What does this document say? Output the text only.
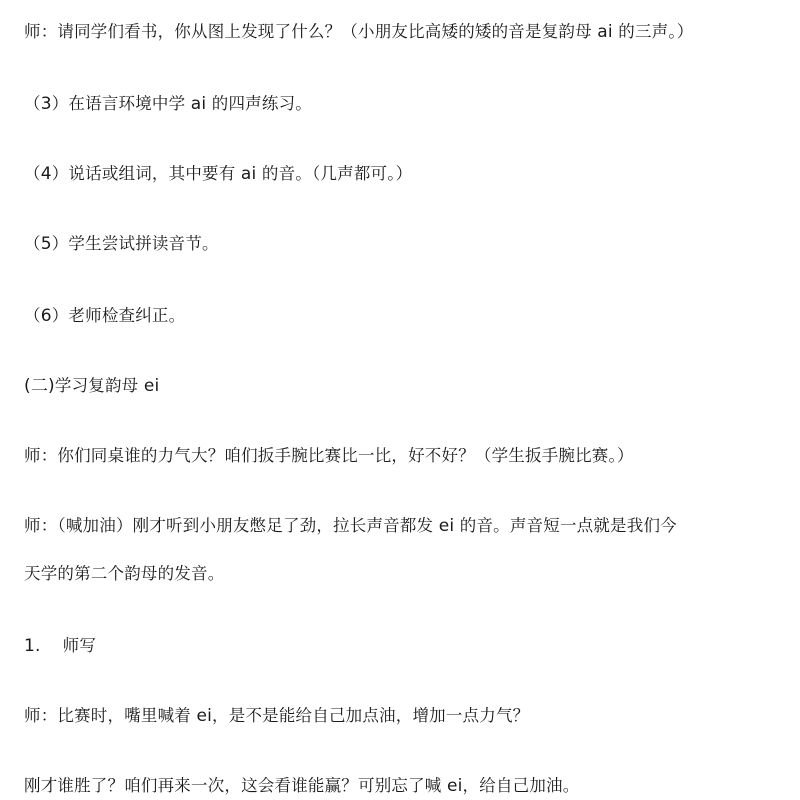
师：请同学们看书，你从图上发现了什么？（小朋友比高矮的矮的音是复韵母 ai 的三声。）
（3）在语言环境中学 ai 的四声练习。
（4）说话或组词，其中要有 ai 的音。（几声都可。）
（5）学生尝试拼读音节。
（6）老师检查纠正。
(二)学习复韵母 ei
师：你们同桌谁的力气大？咱们扳手腕比赛比一比，好不好？（学生扳手腕比赛。）
师：（喊加油）刚才听到小朋友憋足了劲，拉长声音都发 ei 的音。声音短一点就是我们今
天学的第二个韵母的发音。
1. 师写
师：比赛时，嘴里喊着 ei，是不是能给自己加点油，增加一点力气？
刚才谁胜了？咱们再来一次，这会看谁能赢？可别忘了喊 ei，给自己加油。
